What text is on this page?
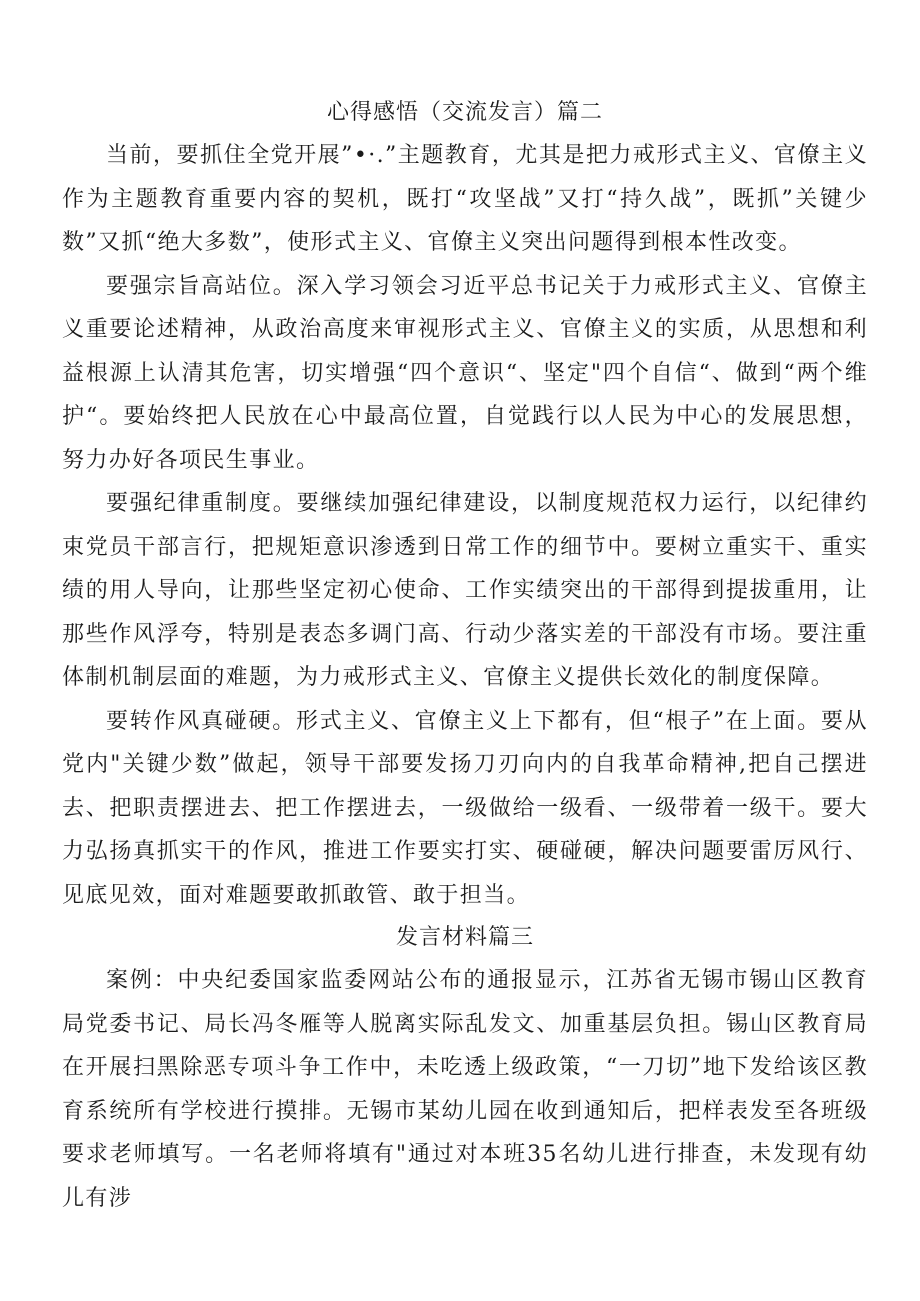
心得感悟（交流发言）篇二

当前，要抓住全党开展”•·.”主题教育，尤其是把力戒形式主义、官僚主义作为主题教育重要内容的契机，既打“攻坚战”又打“持久战”，既抓”关键少数”又抓“绝大多数”，使形式主义、官僚主义突出问题得到根本性改变。

要强宗旨高站位。深入学习领会习近平总书记关于力戒形式主义、官僚主义重要论述精神，从政治高度来审视形式主义、官僚主义的实质，从思想和利益根源上认清其危害，切实增强“四个意识“、坚定"四个自信“、做到“两个维护“。要始终把人民放在心中最高位置，自觉践行以人民为中心的发展思想，努力办好各项民生事业。

要强纪律重制度。要继续加强纪律建设，以制度规范权力运行，以纪律约束党员干部言行，把规矩意识渗透到日常工作的细节中。要树立重实干、重实绩的用人导向，让那些坚定初心使命、工作实绩突出的干部得到提拔重用，让那些作风浮夸，特别是表态多调门高、行动少落实差的干部没有市场。要注重体制机制层面的难题，为力戒形式主义、官僚主义提供长效化的制度保障。

要转作风真碰硬。形式主义、官僚主义上下都有，但“根子”在上面。要从党内"关键少数”做起，领导干部要发扬刀刃向内的自我革命精神,把自己摆进去、把职责摆进去、把工作摆进去，一级做给一级看、一级带着一级干。要大力弘扬真抓实干的作风，推进工作要实打实、硬碰硬，解决问题要雷厉风行、见底见效，面对难题要敢抓敢管、敢于担当。

发言材料篇三

案例：中央纪委国家监委网站公布的通报显示，江苏省无锡市锡山区教育局党委书记、局长冯冬雁等人脱离实际乱发文、加重基层负担。锡山区教育局在开展扫黑除恶专项斗争工作中，未吃透上级政策，“一刀切”地下发给该区教育系统所有学校进行摸排。无锡市某幼儿园在收到通知后，把样表发至各班级要求老师填写。一名老师将填有"通过对本班35名幼儿进行排查，未发现有幼儿有涉
